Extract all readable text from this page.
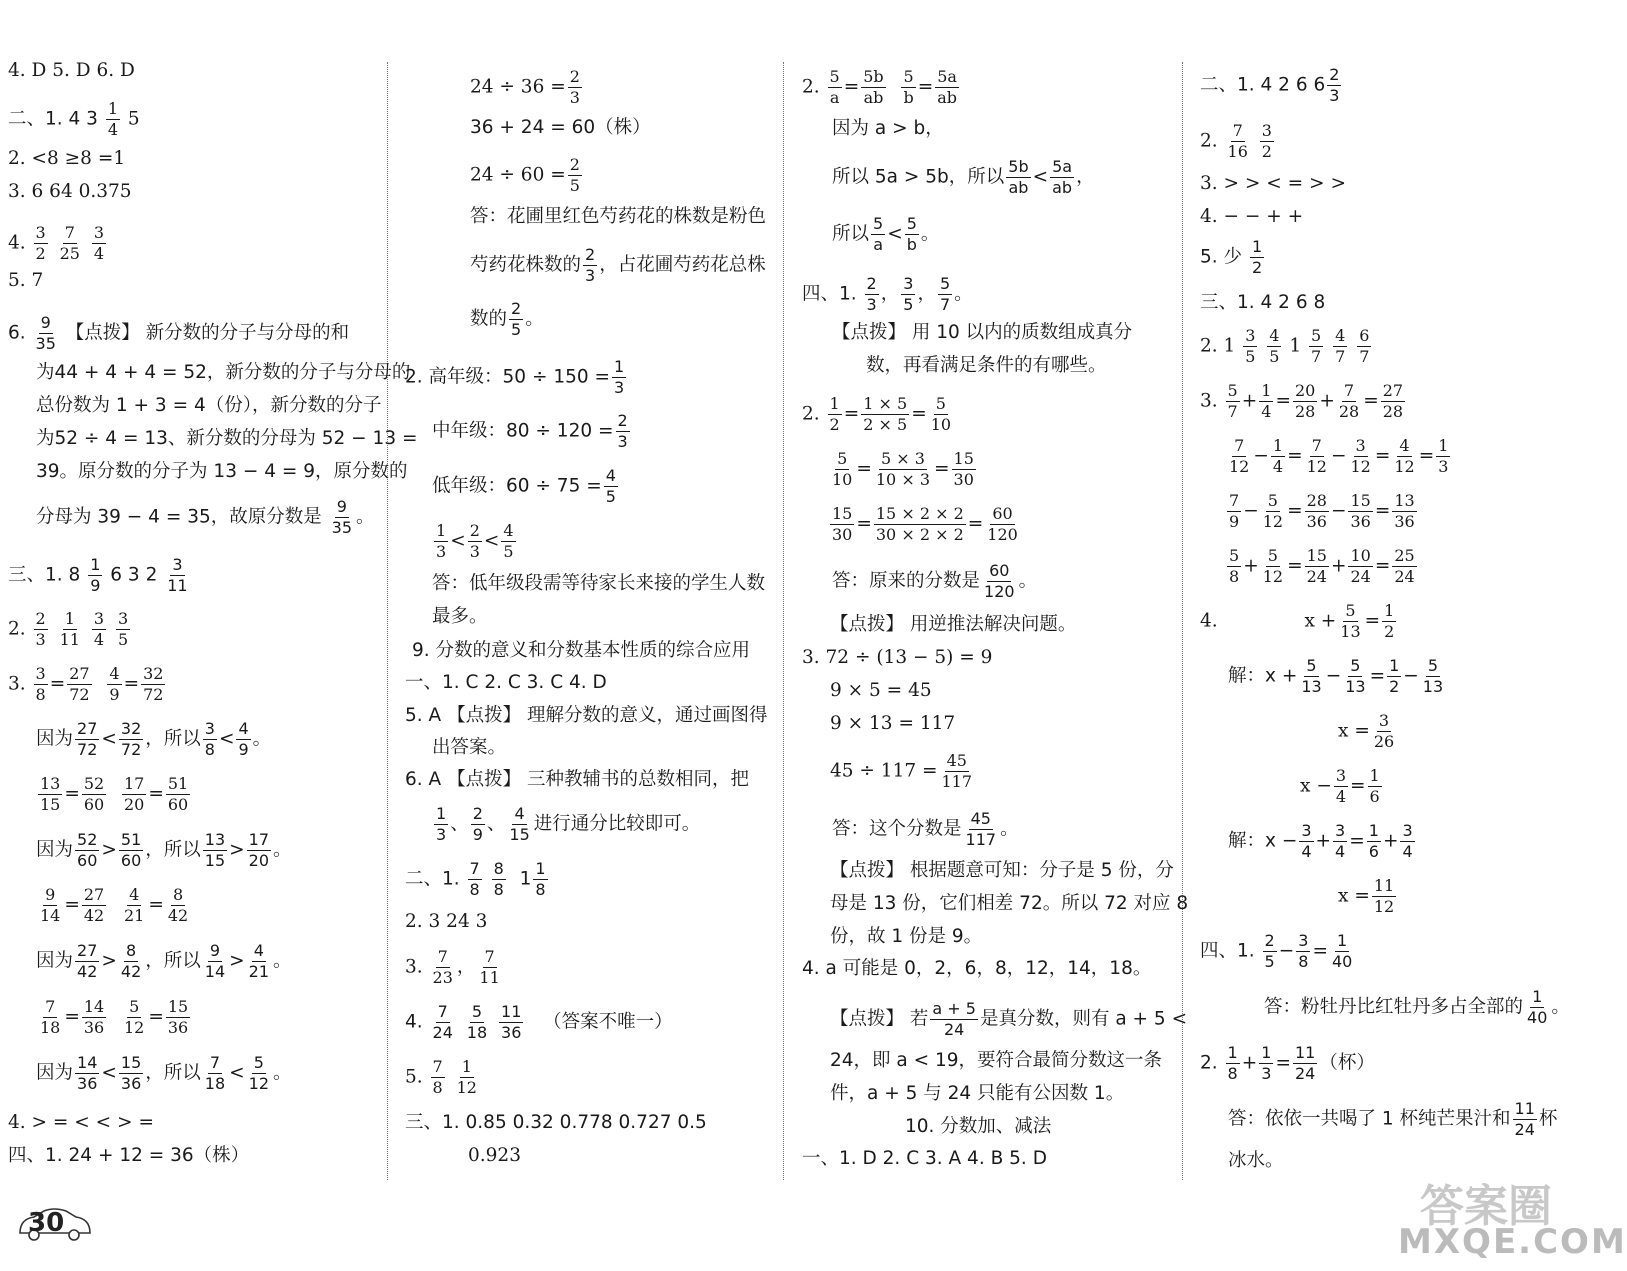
4. D 5. D 6. D
二、1. 4 $3 \frac{1}{4} 5$
2. <8 ≥8 =1
3. 6 64 0.375
4. $\frac{3}{2}$
$\frac{7}{25}$
$\frac{3}{4}$
5. 7
6. $\frac{9}{35}$ 【点拨】 新分数的分子与分母的和
为44 + 4 + 4 = 52，新分数的分子与分母的
总份数为 1 + 3 = 4（份），新分数的分子
为52 ÷ 4 = 13、新分数的分母为 52 − 13 =
39。原分数的分子为 13 − 4 = 9，原分数的
分母为 39 − 4 = 35，故原分数是 $\frac{9}{35}$ 。
三、1. $8 \frac{1}{9} 6$ 3 $2 \frac{3}{11}$
2. $\frac{2}{3}$
$\frac{1}{11}$
$\frac{3}{4}$
$\frac{3}{5}$
3. $\frac{3}{8} = \frac{27}{72}$
$\frac{4}{9} = \frac{32}{72}$
因为 $\frac{27}{72} < \frac{32}{72}$ ，所以 $\frac{3}{8} < \frac{4}{9}$ 。
$\frac{13}{15} = \frac{52}{60}$
$\frac{17}{20} = \frac{51}{60}$
因为 $\frac{52}{60} > \frac{51}{60}$ ，所以 $\frac{13}{15} > \frac{17}{20}$ 。
$\frac{9}{14} = \frac{27}{42}$
$\frac{4}{21} = \frac{8}{42}$
因为 $\frac{27}{42} > \frac{8}{42}$ ，所以 $\frac{9}{14} > \frac{4}{21}$ 。
$\frac{7}{18} = \frac{14}{36}$
$\frac{5}{12} = \frac{15}{36}$
因为 $\frac{14}{36} < \frac{15}{36}$ ，所以 $\frac{7}{18} < \frac{5}{12}$ 。
4. > = < < > =
四、1. 24 + 12 = 36（株）
$24 \div 36 = \frac{2}{3}$
36 + 24 = 60（株）
$24 \div 60 = \frac{2}{5}$
答：花圃里红色芍药花的株数是粉色
芍药花株数的 $\frac{2}{3}$ ，占花圃芍药花总株
数的 $\frac{2}{5}$ 。
2. 高年级：$50 \div 150 = \frac{1}{3}$
中年级：$80 \div 120 = \frac{2}{3}$
低年级：$60 \div 75 = \frac{4}{5}$
$\frac{1}{3} < \frac{2}{3} < \frac{4}{5}$
答：低年级段需等待家长来接的学生人数
最多。
9. 分数的意义和分数基本性质的综合应用
一、1. C 2. C 3. C 4. D
5. A 【点拨】 理解分数的意义，通过画图得
出答案。
6. A 【点拨】 三种教辅书的总数相同，把
$\frac{1}{3}$ 、 $\frac{2}{9}$ 、 $\frac{4}{15}$ 进行通分比较即可。
二、1. $\frac{7}{8}$
$\frac{8}{8} 1 \frac{1}{8}$
2. 3 24 3
3. $\frac{7}{23}$ ， $\frac{7}{11}$
4. $\frac{7}{24}$
$\frac{5}{18}$
$\frac{11}{36}$ （答案不唯一）
5. $\frac{7}{8}$
$\frac{1}{12}$
三、1. 0.85 0.32 0.778 0.727 0.5
0.923
2. $\frac{5}{a} = \frac{5b}{ab}$
$\frac{5}{b} = \frac{5a}{ab}$
因为 a > b，
所以 5a > 5b，所以 $\frac{5b}{ab} < \frac{5a}{ab}$ ，
所以 $\frac{5}{a} < \frac{5}{b}$ 。
四、1. $\frac{2}{3}$ ， $\frac{3}{5}$ ， $\frac{5}{7}$ 。
【点拨】 用 10 以内的质数组成真分
数，再看满足条件的有哪些。
2. $\frac{1}{2} = \frac{1 \times 5}{2 \times 5} = \frac{5}{10}$
$\frac{5}{10} = \frac{5 \times 3}{10 \times 3} = \frac{15}{30}$
$\frac{15}{30} = \frac{15 \times 2 \times 2}{30 \times 2 \times 2} = \frac{60}{120}$
答：原来的分数是 $\frac{60}{120}$ 。
【点拨】 用逆推法解决问题。
3. 72 ÷ (13 − 5) = 9
9 × 5 = 45
9 × 13 = 117
$45 \div 117 = \frac{45}{117}$
答：这个分数是 $\frac{45}{117}$ 。
【点拨】 根据题意可知：分子是 5 份，分
母是 13 份，它们相差 72。所以 72 对应 8
份，故 1 份是 9。
4. a 可能是 0，2，6，8，12，14，18。
【点拨】 若 $\frac{a + 5}{24}$ 是真分数，则有 a + 5 <
24，即 a < 19，要符合最简分数这一条
件，a + 5 与 24 只能有公因数 1。
10. 分数加、减法
一、1. D 2. C 3. A 4. B 5. D
二、1. 4 2 6 $6 \frac{2}{3}$
2. $\frac{7}{16}$
$\frac{3}{2}$
3. > > < = > >
4. − − + +
5. 少 $\frac{1}{2}$
三、1. 4 2 6 8
2. $1 \frac{3}{5}$
$\frac{4}{5} 1 \frac{5}{7}$
$\frac{4}{7}$
$\frac{6}{7}$
3. $\frac{5}{7} + \frac{1}{4} = \frac{20}{28} + \frac{7}{28} = \frac{27}{28}$
$\frac{7}{12} - \frac{1}{4} = \frac{7}{12} - \frac{3}{12} = \frac{4}{12} = \frac{1}{3}$
$\frac{7}{9} - \frac{5}{12} = \frac{28}{36} - \frac{15}{36} = \frac{13}{36}$
$\frac{5}{8} + \frac{5}{12} = \frac{15}{24} + \frac{10}{24} = \frac{25}{24}$
4.	$x + \frac{5}{13} = \frac{1}{2}$
解：$x + \frac{5}{13} - \frac{5}{13} = \frac{1}{2} - \frac{5}{13}$
$x = \frac{3}{26}$
$x - \frac{3}{4} = \frac{1}{6}$
解：$x - \frac{3}{4} + \frac{3}{4} = \frac{1}{6} + \frac{3}{4}$
$x = \frac{11}{12}$
四、1. $\frac{2}{5} - \frac{3}{8} = \frac{1}{40}$
答：粉牡丹比红牡丹多占全部的 $\frac{1}{40}$ 。
2. $\frac{1}{8} + \frac{1}{3} = \frac{11}{24}$ （杯）
答：依依一共喝了 1 杯纯芒果汁和 $\frac{11}{24}$ 杯
冰水。
30	答案圈
MXQE.COM
